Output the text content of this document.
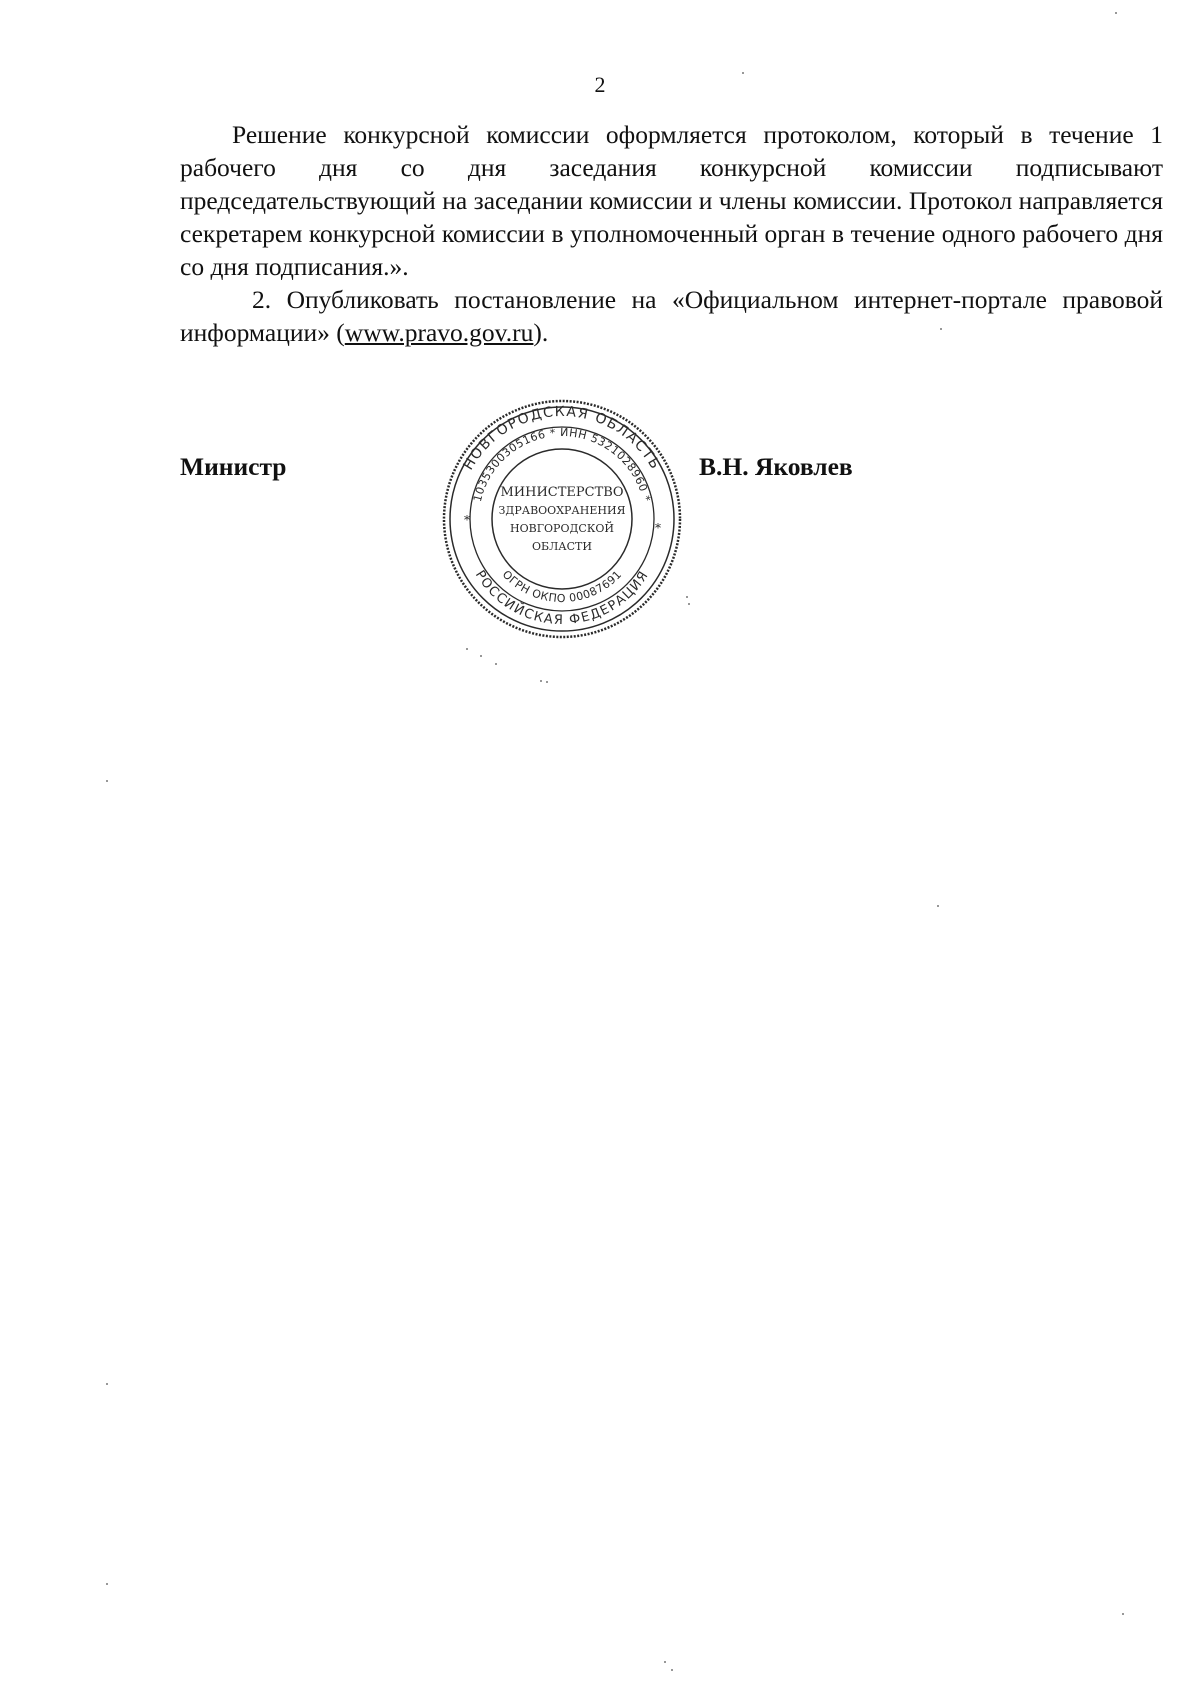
2

Решение конкурсной комиссии оформляется протоколом, который в течение 1 рабочего дня со дня заседания конкурсной комиссии подписывают председательствующий на заседании комиссии и члены комиссии. Протокол направляется секретарем конкурсной комиссии в уполномоченный орган в течение одного рабочего дня со дня подписания.».

2. Опубликовать постановление на «Официальном интернет-портале правовой информации» (www.pravo.gov.ru).

Министр	В.Н. Яковлев
НОВГОРОДСКАЯ ОБЛАСТЬ
РОССИЙСКАЯ ФЕДЕРАЦИЯ
1035300305166 * ИНН 5321028960 *
ОГРН ОКПО 00087691
МИНИСТЕРСТВО
ЗДРАВООХРАНЕНИЯ
НОВГОРОДСКОЙ
ОБЛАСТИ
*
*
